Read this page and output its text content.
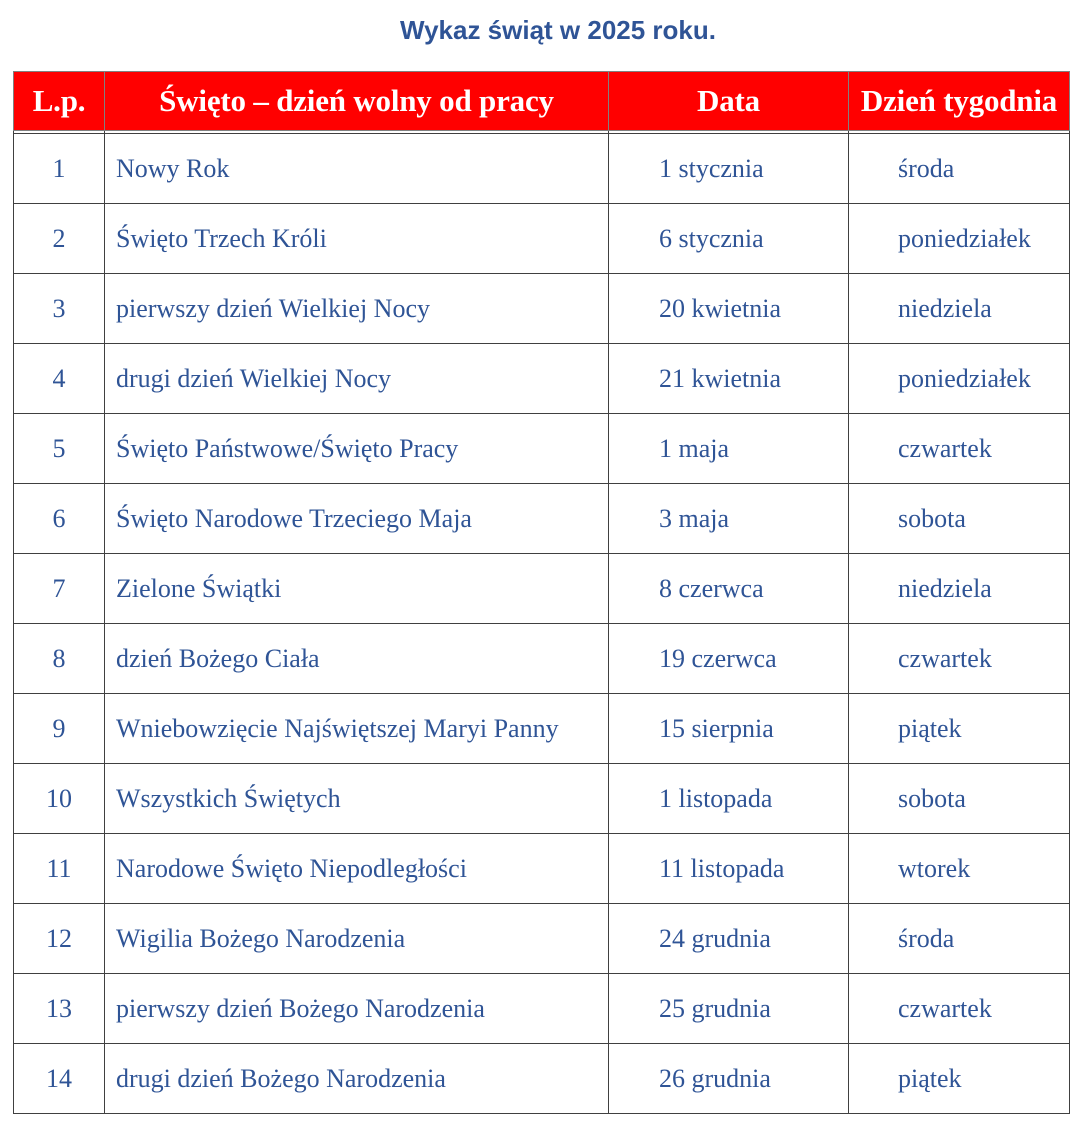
Wykaz świąt w 2025 roku.
L.p.	Święto – dzień wolny od pracy	Data	Dzień tygodnia

1	Nowy Rok	1 stycznia	środa
2	Święto Trzech Króli	6 stycznia	poniedziałek
3	pierwszy dzień Wielkiej Nocy	20 kwietnia	niedziela
4	drugi dzień Wielkiej Nocy	21 kwietnia	poniedziałek
5	Święto Państwowe/Święto Pracy	1 maja	czwartek
6	Święto Narodowe Trzeciego Maja	3 maja	sobota
7	Zielone Świątki	8 czerwca	niedziela
8	dzień Bożego Ciała	19 czerwca	czwartek
9	Wniebowzięcie Najświętszej Maryi Panny	15 sierpnia	piątek
10	Wszystkich Świętych	1 listopada	sobota
11	Narodowe Święto Niepodległości	11 listopada	wtorek
12	Wigilia Bożego Narodzenia	24 grudnia	środa
13	pierwszy dzień Bożego Narodzenia	25 grudnia	czwartek
14	drugi dzień Bożego Narodzenia	26 grudnia	piątek
